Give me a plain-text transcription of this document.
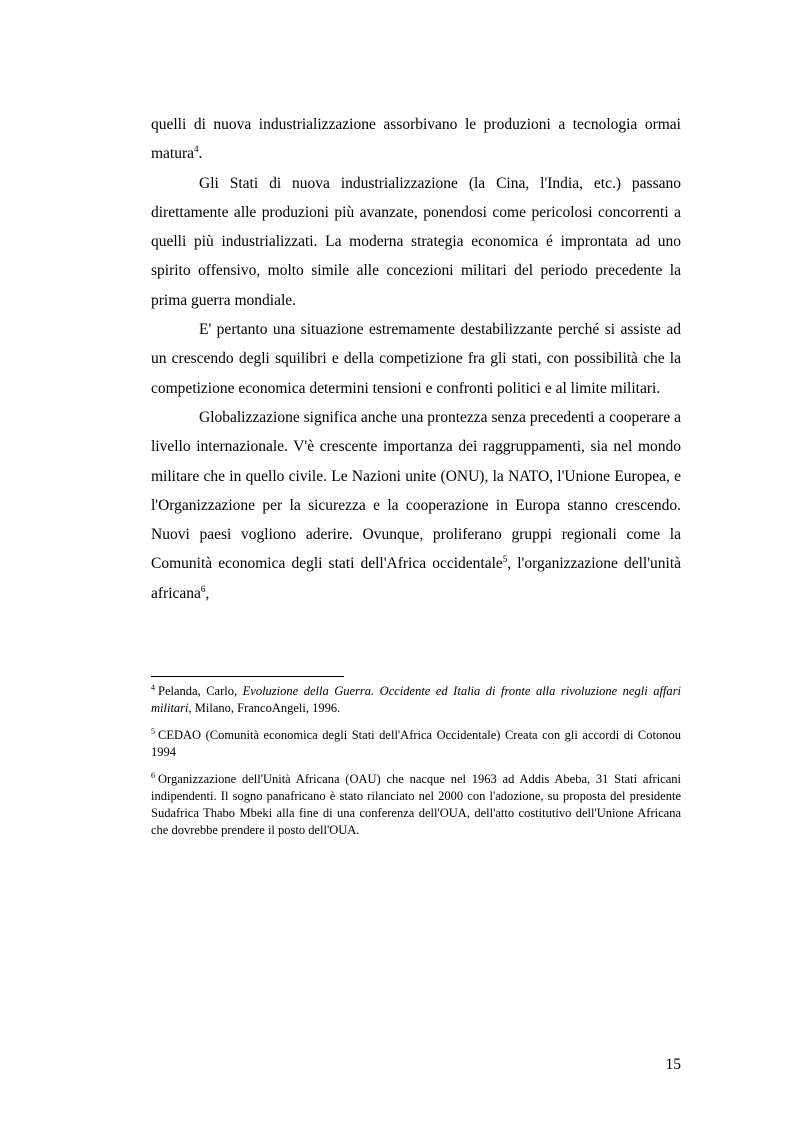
quelli di nuova industrializzazione assorbivano le produzioni a tecnologia ormai matura$^4$.

Gli Stati di nuova industrializzazione (la Cina, l'India, etc.) passano direttamente alle produzioni più avanzate, ponendosi come pericolosi concorrenti a quelli più industrializzati. La moderna strategia economica é improntata ad uno spirito offensivo, molto simile alle concezioni militari del periodo precedente la prima guerra mondiale.

E' pertanto una situazione estremamente destabilizzante perché si assiste ad un crescendo degli squilibri e della competizione fra gli stati, con possibilità che la competizione economica determini tensioni e confronti politici e al limite militari.

Globalizzazione significa anche una prontezza senza precedenti a cooperare a livello internazionale. V'è crescente importanza dei raggruppamenti, sia nel mondo militare che in quello civile. Le Nazioni unite (ONU), la NATO, l'Unione Europea, e l'Organizzazione per la sicurezza e la cooperazione in Europa stanno crescendo. Nuovi paesi vogliono aderire. Ovunque, proliferano gruppi regionali come la Comunità economica degli stati dell'Africa occidentale$^5$, l'organizzazione dell'unità africana$^6$,

$^4$ Pelanda, Carlo, Evoluzione della Guerra. Occidente ed Italia di fronte alla rivoluzione negli affari militari, Milano, FrancoAngeli, 1996.

$^5$ CEDAO (Comunità economica degli Stati dell'Africa Occidentale) Creata con gli accordi di Cotonou 1994

$^6$ Organizzazione dell'Unità Africana (OAU) che nacque nel 1963 ad Addis Abeba, 31 Stati africani indipendenti. Il sogno panafricano è stato rilanciato nel 2000 con l'adozione, su proposta del presidente Sudafrica Thabo Mbeki alla fine di una conferenza dell'OUA, dell'atto costitutivo dell'Unione Africana che dovrebbe prendere il posto dell'OUA.

15
